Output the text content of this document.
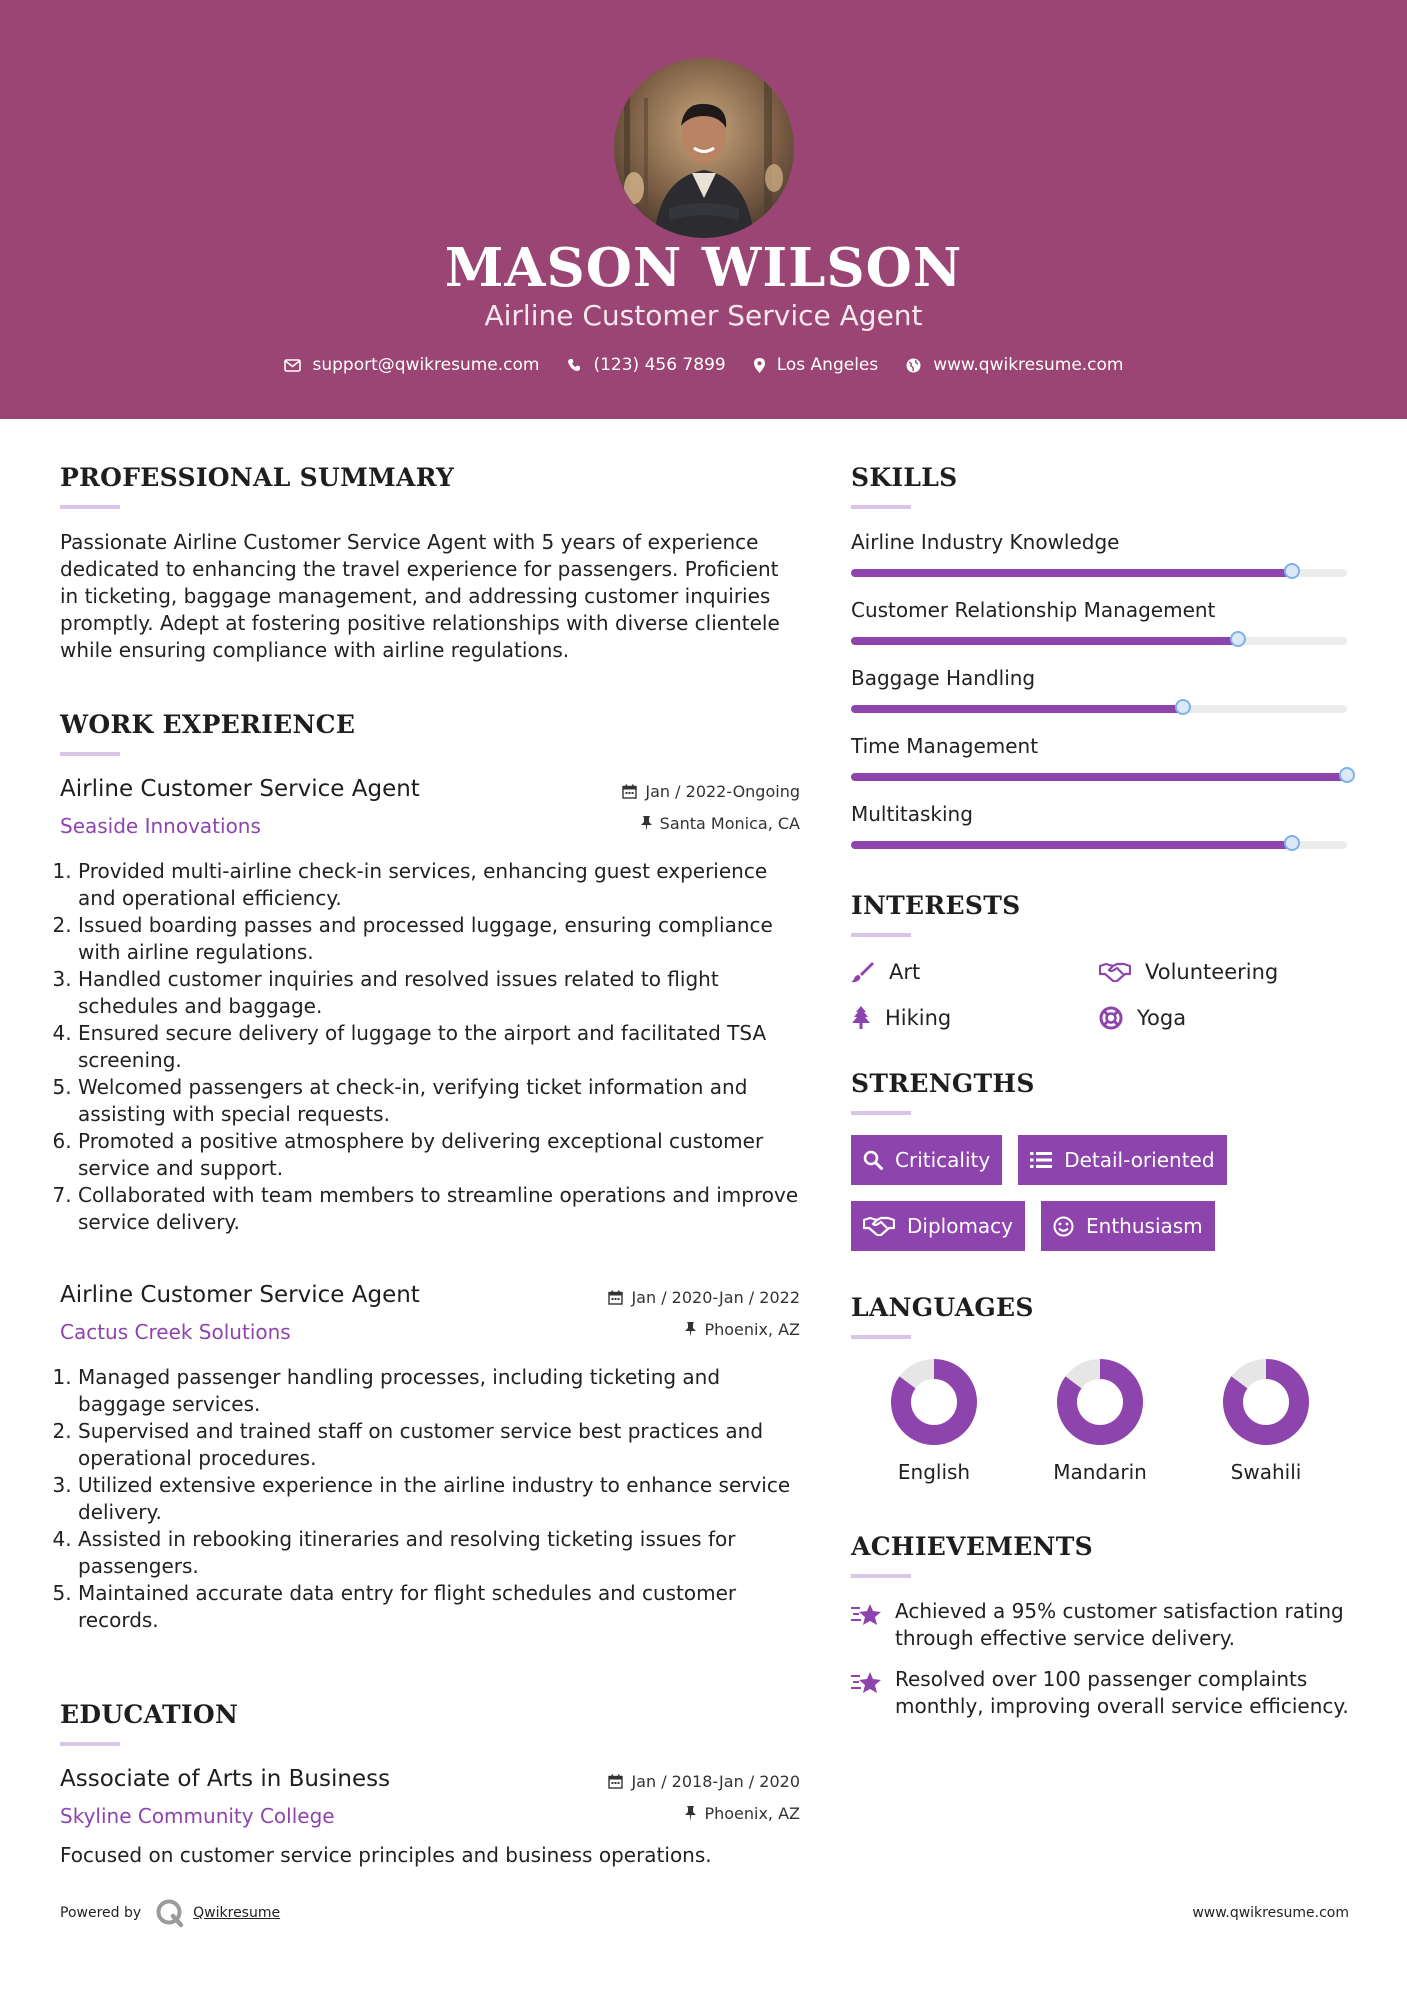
MASON WILSON
Airline Customer Service Agent
support@qwikresume.com	(123) 456 7899	Los Angeles	www.qwikresume.com
PROFESSIONAL SUMMARY

Passionate Airline Customer Service Agent with 5 years of experience dedicated to enhancing the travel experience for passengers. Proficient in ticketing, baggage management, and addressing customer inquiries promptly. Adept at fostering positive relationships with diverse clientele while ensuring compliance with airline regulations.

WORK EXPERIENCE
Airline Customer Service Agent
Seaside Innovations
Jan / 2022-Ongoing
Santa Monica, CA
1. Provided multi-airline check-in services, enhancing guest experience and operational efficiency.
2. Issued boarding passes and processed luggage, ensuring compliance with airline regulations.
3. Handled customer inquiries and resolved issues related to flight schedules and baggage.
4. Ensured secure delivery of luggage to the airport and facilitated TSA screening.
5. Welcomed passengers at check-in, verifying ticket information and assisting with special requests.
6. Promoted a positive atmosphere by delivering exceptional customer service and support.
7. Collaborated with team members to streamline operations and improve service delivery.
Airline Customer Service Agent
Cactus Creek Solutions
Jan / 2020-Jan / 2022
Phoenix, AZ
1. Managed passenger handling processes, including ticketing and baggage services.
2. Supervised and trained staff on customer service best practices and operational procedures.
3. Utilized extensive experience in the airline industry to enhance service delivery.
4. Assisted in rebooking itineraries and resolving ticketing issues for passengers.
5. Maintained accurate data entry for flight schedules and customer records.
EDUCATION
Associate of Arts in Business
Skyline Community College
Jan / 2018-Jan / 2020
Phoenix, AZ

Focused on customer service principles and business operations.

SKILLS
Airline Industry Knowledge
Customer Relationship Management
Baggage Handling
Time Management
Multitasking
INTERESTS
Art	Volunteering
Hiking	Yoga
STRENGTHS
Criticality	Detail-oriented
Diplomacy	Enthusiasm
LANGUAGES
English	Mandarin	Swahili
ACHIEVEMENTS
Achieved a 95% customer satisfaction rating through effective service delivery.
Resolved over 100 passenger complaints monthly, improving overall service efficiency.
Powered by	Qwikresume	www.qwikresume.com
